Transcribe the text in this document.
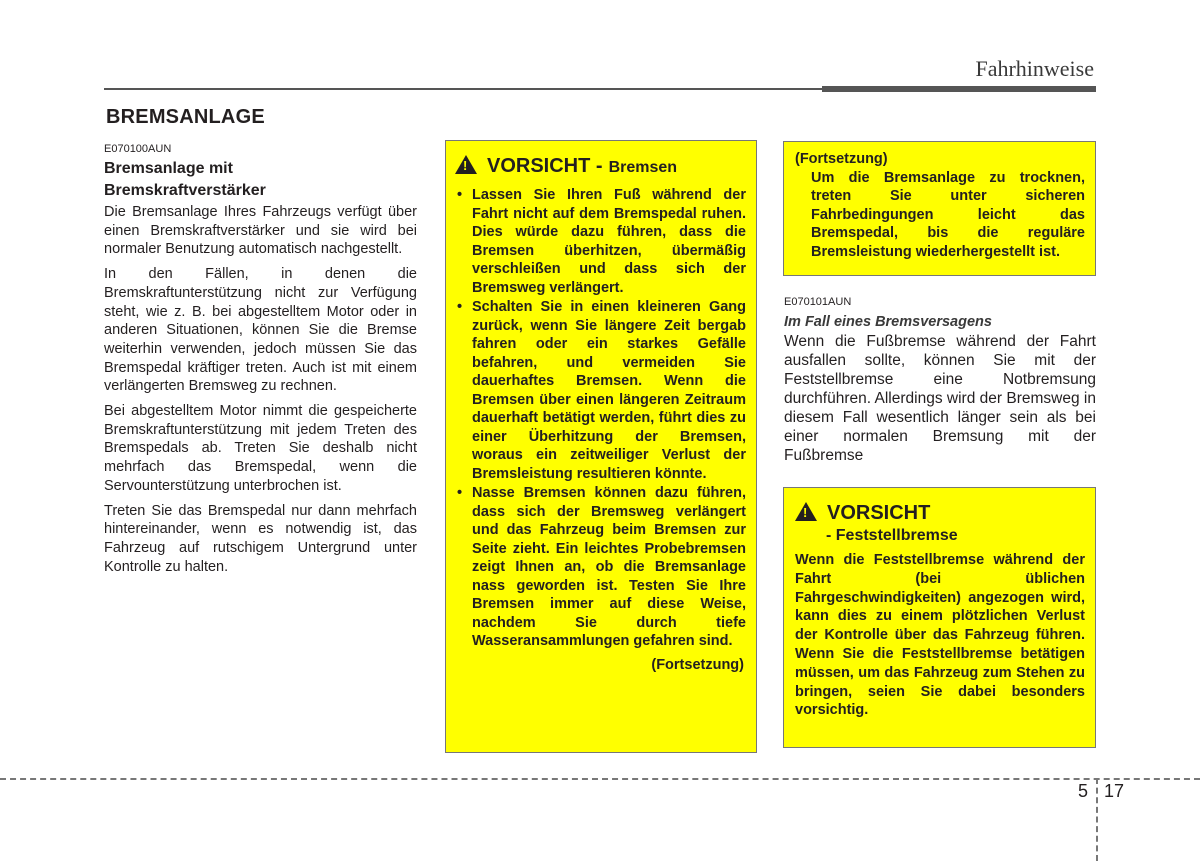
Fahrhinweise
BREMSANLAGE
E070100AUN
Bremsanlage mit
Bremskraftverstärker

Die Bremsanlage Ihres Fahrzeugs verfügt über einen Bremskraftverstärker und sie wird bei normaler Benutzung automatisch nachgestellt.

In den Fällen, in denen die Bremskraftunterstützung nicht zur Verfügung steht, wie z. B. bei abgestelltem Motor oder in anderen Situationen, können Sie die Bremse weiterhin verwenden, jedoch müssen Sie das Bremspedal kräftiger treten. Auch ist mit einem verlängerten Bremsweg zu rechnen.

Bei abgestelltem Motor nimmt die gespeicherte Bremskraftunterstützung mit jedem Treten des Bremspedals ab. Treten Sie deshalb nicht mehrfach das Bremspedal, wenn die Servounterstützung unterbrochen ist.

Treten Sie das Bremspedal nur dann mehrfach hintereinander, wenn es notwendig ist, das Fahrzeug auf rutschigem Untergrund unter Kontrolle zu halten.

!
VORSICHT - Bremsen
• Lassen Sie Ihren Fuß während der Fahrt nicht auf dem Bremspedal ruhen. Dies würde dazu führen, dass die Bremsen überhitzen, übermäßig verschleißen und dass sich der Bremsweg verlängert.
• Schalten Sie in einen kleineren Gang zurück, wenn Sie längere Zeit bergab fahren oder ein starkes Gefälle befahren, und vermeiden Sie dauerhaftes Bremsen. Wenn die Bremsen über einen längeren Zeitraum dauerhaft betätigt werden, führt dies zu einer Überhitzung der Bremsen, woraus ein zeitweiliger Verlust der Bremsleistung resultieren könnte.
• Nasse Bremsen können dazu führen, dass sich der Bremsweg verlängert und das Fahrzeug beim Bremsen zur Seite zieht. Ein leichtes Probebremsen zeigt Ihnen an, ob die Bremsanlage nass geworden ist. Testen Sie Ihre Bremsen immer auf diese Weise, nachdem Sie durch tiefe Wasseransammlungen gefahren sind.
(Fortsetzung)
(Fortsetzung)
Um die Bremsanlage zu trocknen, treten Sie unter sicheren Fahrbedingungen leicht das Bremspedal, bis die reguläre Bremsleistung wiederhergestellt ist.
E070101AUN
Im Fall eines Bremsversagens

Wenn die Fußbremse während der Fahrt ausfallen sollte, können Sie mit der Feststellbremse eine Notbremsung durchführen. Allerdings wird der Bremsweg in diesem Fall wesentlich länger sein als bei einer normalen Bremsung mit der Fußbremse

!
VORSICHT
- Feststellbremse
Wenn die Feststellbremse während der Fahrt (bei üblichen Fahrgeschwindigkeiten) angezogen wird, kann dies zu einem plötzlichen Verlust der Kontrolle über das Fahrzeug führen. Wenn Sie die Feststellbremse betätigen müssen, um das Fahrzeug zum Stehen zu bringen, seien Sie dabei besonders vorsichtig.
5 17
